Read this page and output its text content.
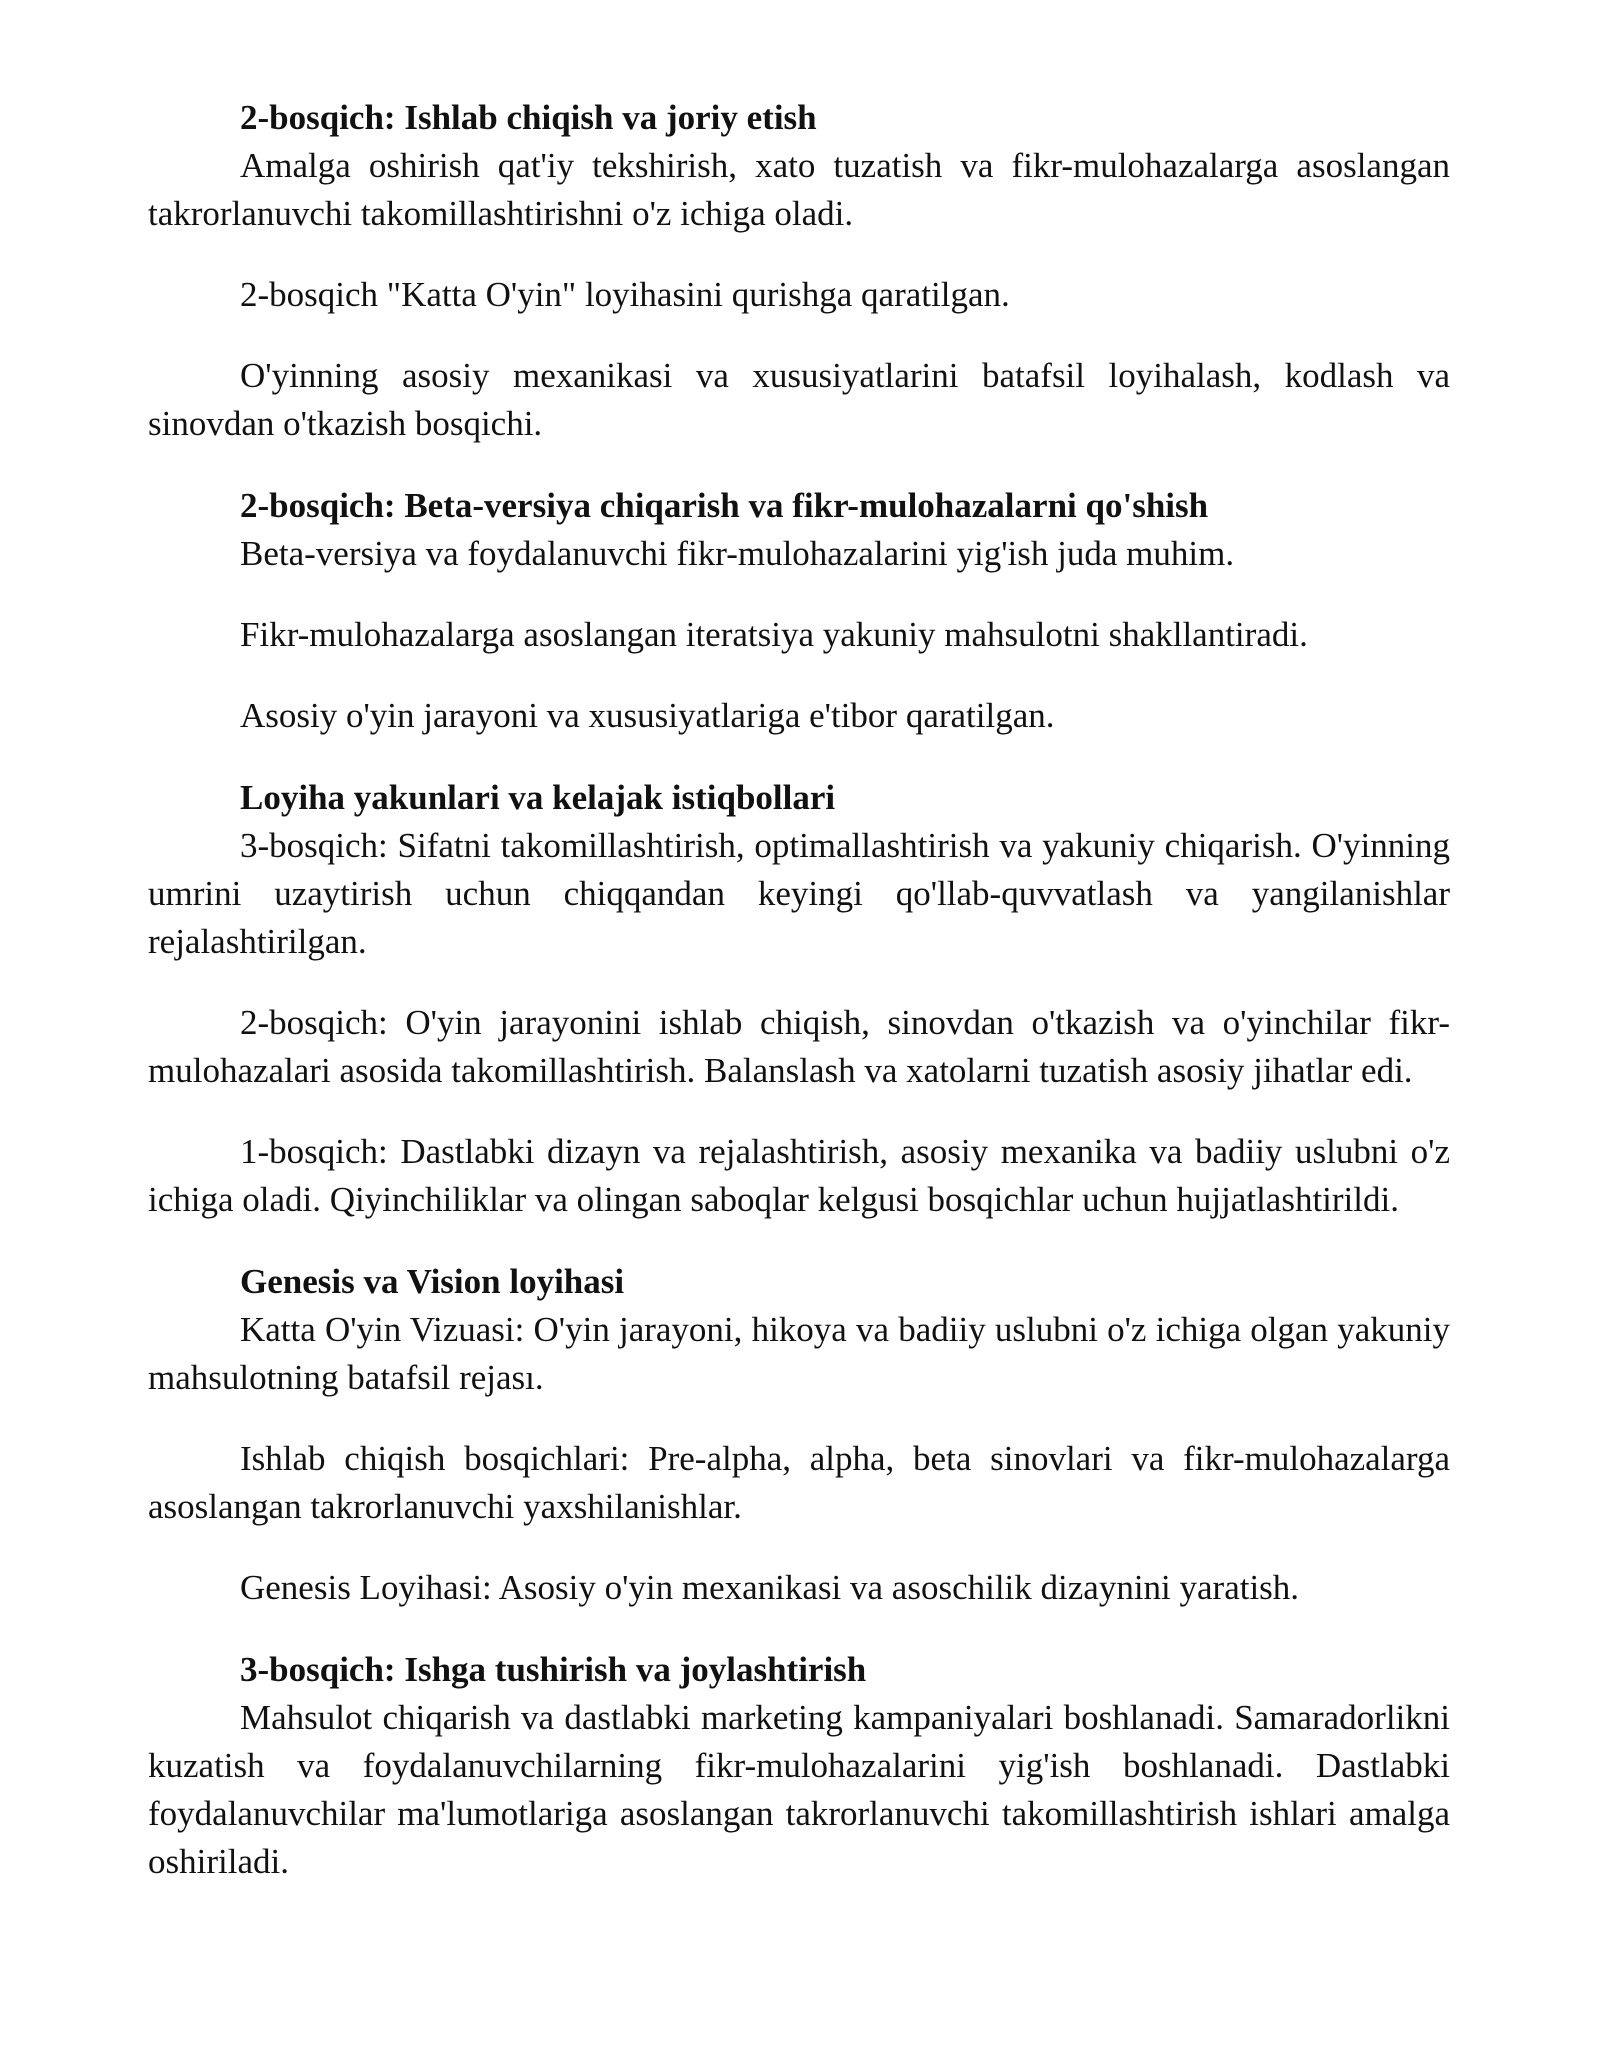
2-bosqich: Ishlab chiqish va joriy etish

Amalga oshirish qat'iy tekshirish, xato tuzatish va fikr-mulohazalarga asoslangan takrorlanuvchi takomillashtirishni o'z ichiga oladi.

2-bosqich "Katta O'yin" loyihasini qurishga qaratilgan.

O'yinning asosiy mexanikasi va xususiyatlarini batafsil loyihalash, kodlash va sinovdan o'tkazish bosqichi.

2-bosqich: Beta-versiya chiqarish va fikr-mulohazalarni qo'shish

Beta-versiya va foydalanuvchi fikr-mulohazalarini yig'ish juda muhim.

Fikr-mulohazalarga asoslangan iteratsiya yakuniy mahsulotni shakllantiradi.

Asosiy o'yin jarayoni va xususiyatlariga e'tibor qaratilgan.

Loyiha yakunlari va kelajak istiqbollari

3-bosqich: Sifatni takomillashtirish, optimallashtirish va yakuniy chiqarish. O'yinning umrini uzaytirish uchun chiqqandan keyingi qo'llab-quvvatlash va yangilanishlar rejalashtirilgan.

2-bosqich: O'yin jarayonini ishlab chiqish, sinovdan o'tkazish va o'yinchilar fikr-mulohazalari asosida takomillashtirish. Balanslash va xatolarni tuzatish asosiy jihatlar edi.

1-bosqich: Dastlabki dizayn va rejalashtirish, asosiy mexanika va badiiy uslubni o'z ichiga oladi. Qiyinchiliklar va olingan saboqlar kelgusi bosqichlar uchun hujjatlashtirildi.

Genesis va Vision loyihasi

Katta O'yin Vizuasi: O'yin jarayoni, hikoya va badiiy uslubni o'z ichiga olgan yakuniy mahsulotning batafsil rejası.

Ishlab chiqish bosqichlari: Pre-alpha, alpha, beta sinovlari va fikr-mulohazalarga asoslangan takrorlanuvchi yaxshilanishlar.

Genesis Loyihasi: Asosiy o'yin mexanikasi va asoschilik dizaynini yaratish.

3-bosqich: Ishga tushirish va joylashtirish

Mahsulot chiqarish va dastlabki marketing kampaniyalari boshlanadi. Samaradorlikni kuzatish va foydalanuvchilarning fikr-mulohazalarini yig'ish boshlanadi. Dastlabki foydalanuvchilar ma'lumotlariga asoslangan takrorlanuvchi takomillashtirish ishlari amalga oshiriladi.
